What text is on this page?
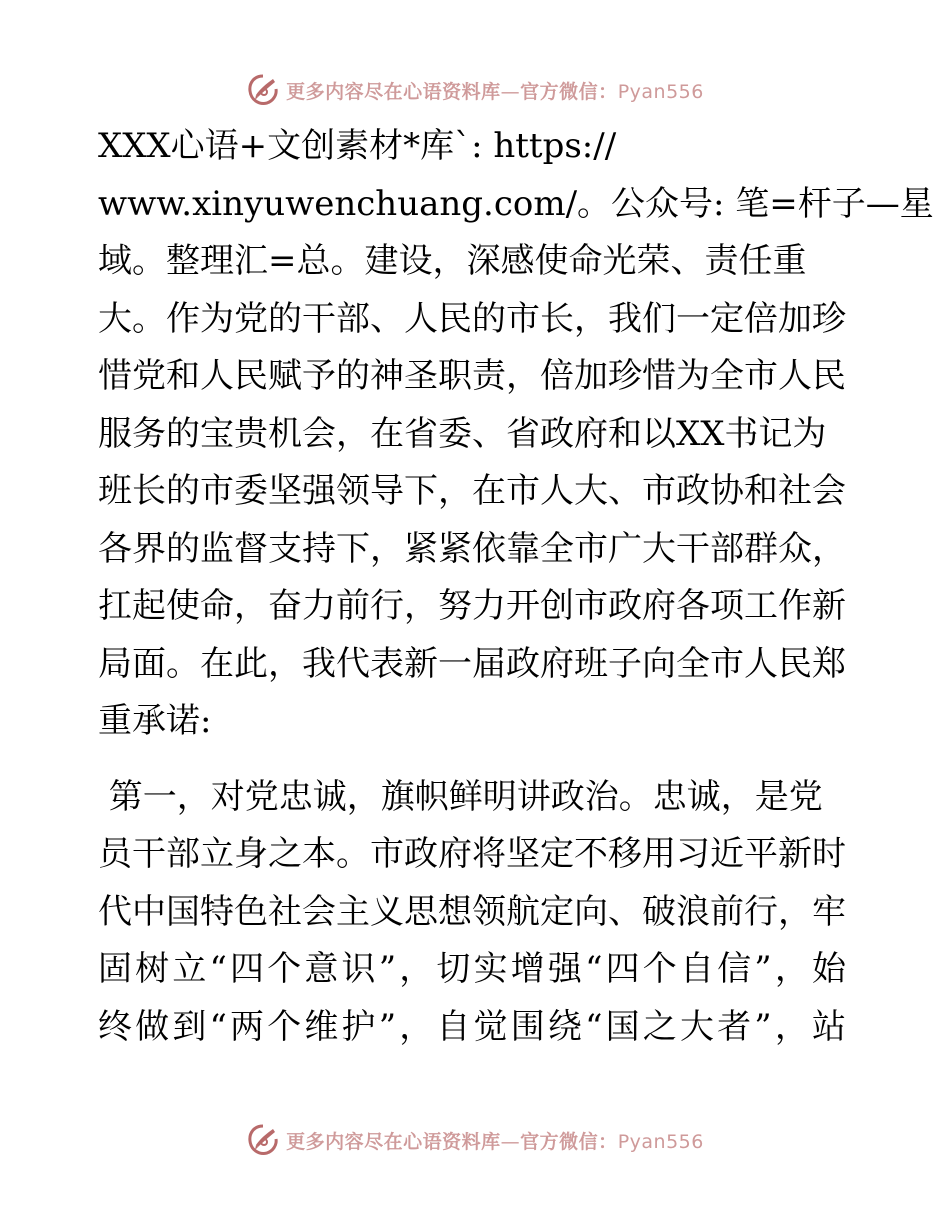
更多内容尽在心语资料库—官方微信：Pyan556

XXX心语+文创素材*库`: https://
www.xinyuwenchuang.com/。公众号: 笔=杆子—星
域。整理汇=总。建设，深感使命光荣、责任重
大。作为党的干部、人民的市长，我们一定倍加珍
惜党和人民赋予的神圣职责，倍加珍惜为全市人民
服务的宝贵机会，在省委、省政府和以XX书记为
班长的市委坚强领导下，在市人大、市政协和社会
各界的监督支持下，紧紧依靠全市广大干部群众，
扛起使命，奋力前行，努力开创市政府各项工作新
局面。在此，我代表新一届政府班子向全市人民郑
重承诺:

第一，对党忠诚，旗帜鲜明讲政治。忠诚，是党
员干部立身之本。市政府将坚定不移用习近平新时
代中国特色社会主义思想领航定向、破浪前行，牢
固树立“四个意识”，切实增强“四个自信”，始
终做到“两个维护”，自觉围绕“国之大者”，站

更多内容尽在心语资料库—官方微信：Pyan556
